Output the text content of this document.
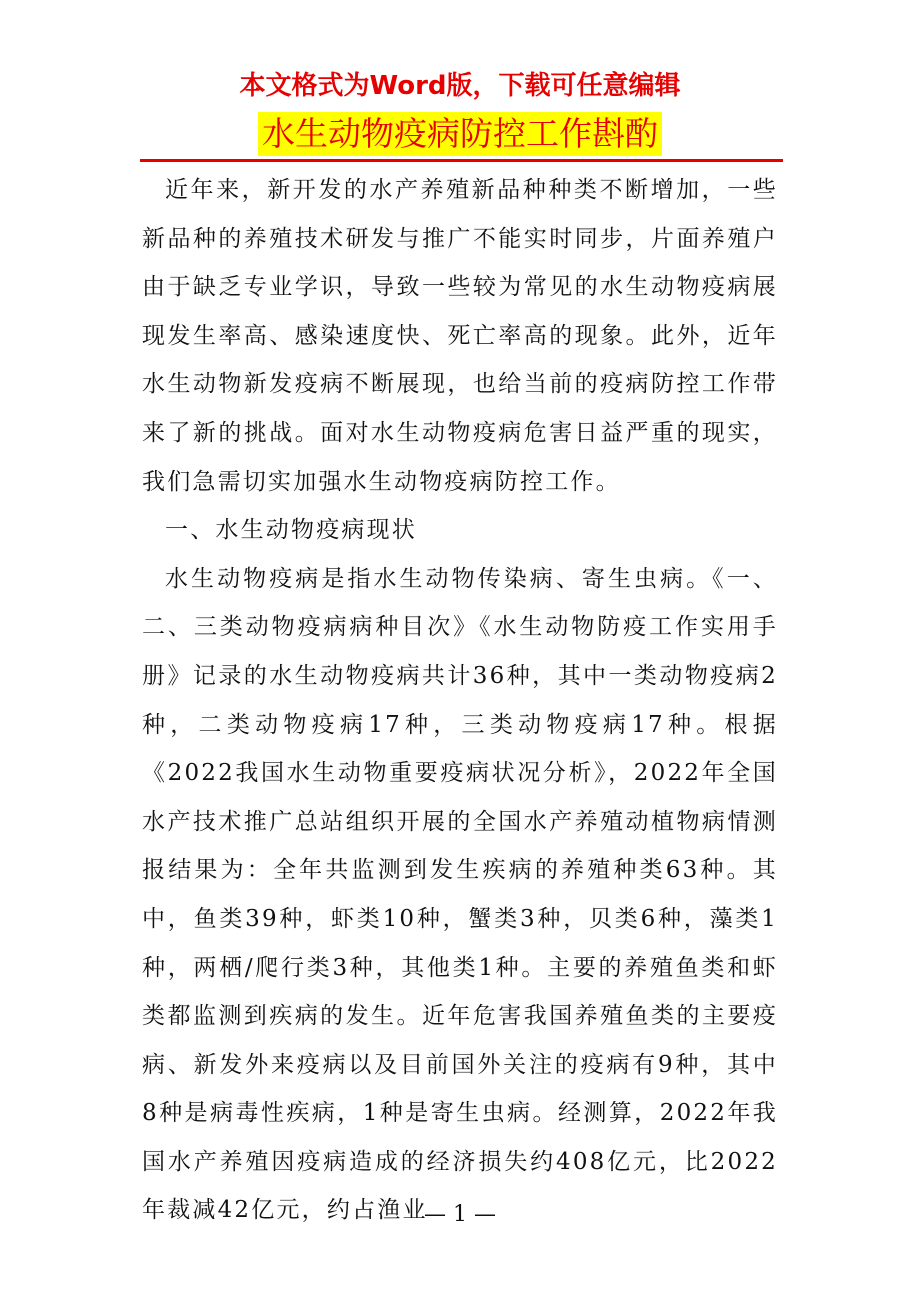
本文格式为Word版，下载可任意编辑
水生动物疫病防控工作斟酌

近年来，新开发的水产养殖新品种种类不断增加，一些新品种的养殖技术研发与推广不能实时同步，片面养殖户由于缺乏专业学识，导致一些较为常见的水生动物疫病展现发生率高、感染速度快、死亡率高的现象。此外，近年水生动物新发疫病不断展现，也给当前的疫病防控工作带来了新的挑战。面对水生动物疫病危害日益严重的现实，我们急需切实加强水生动物疫病防控工作。

一、水生动物疫病现状

水生动物疫病是指水生动物传染病、寄生虫病。《一、二、三类动物疫病病种目次》《水生动物防疫工作实用手册》记录的水生动物疫病共计36种，其中一类动物疫病2种，二类动物疫病17种，三类动物疫病17种。根据《2022我国水生动物重要疫病状况分析》，2022年全国水产技术推广总站组织开展的全国水产养殖动植物病情测报结果为：全年共监测到发生疾病的养殖种类63种。其中，鱼类39种，虾类10种，蟹类3种，贝类6种，藻类1种，两栖/爬行类3种，其他类1种。主要的养殖鱼类和虾类都监测到疾病的发生。近年危害我国养殖鱼类的主要疫病、新发外来疫病以及目前国外关注的疫病有9种，其中8种是病毒性疾病，1种是寄生虫病。经测算，2022年我国水产养殖因疫病造成的经济损失约408亿元，比2022年裁减42亿元，约占渔业

— 1 —
